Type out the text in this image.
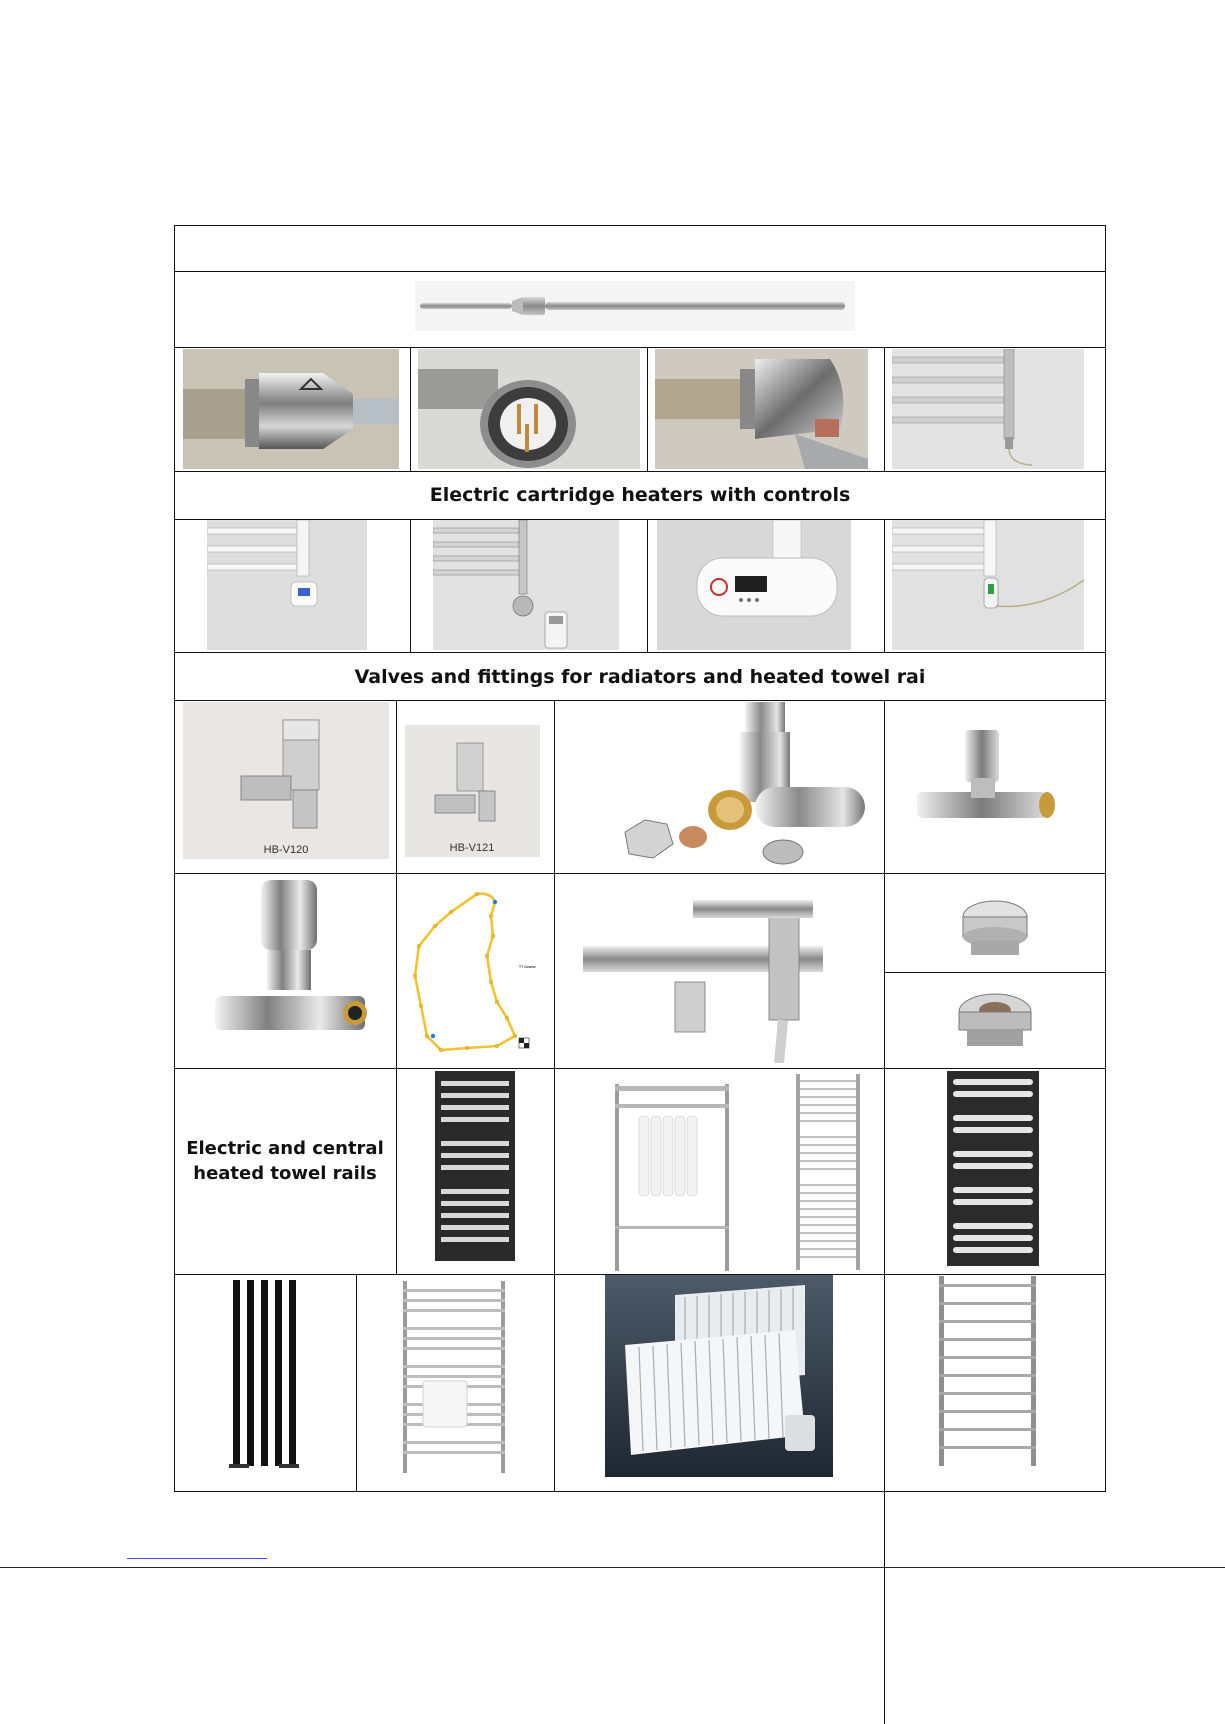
Electric cartridge heaters with controls
Valves and fittings for radiators and heated towel rai
Electric and central heated towel rails
HB-V120	HB-V121
TT Course
